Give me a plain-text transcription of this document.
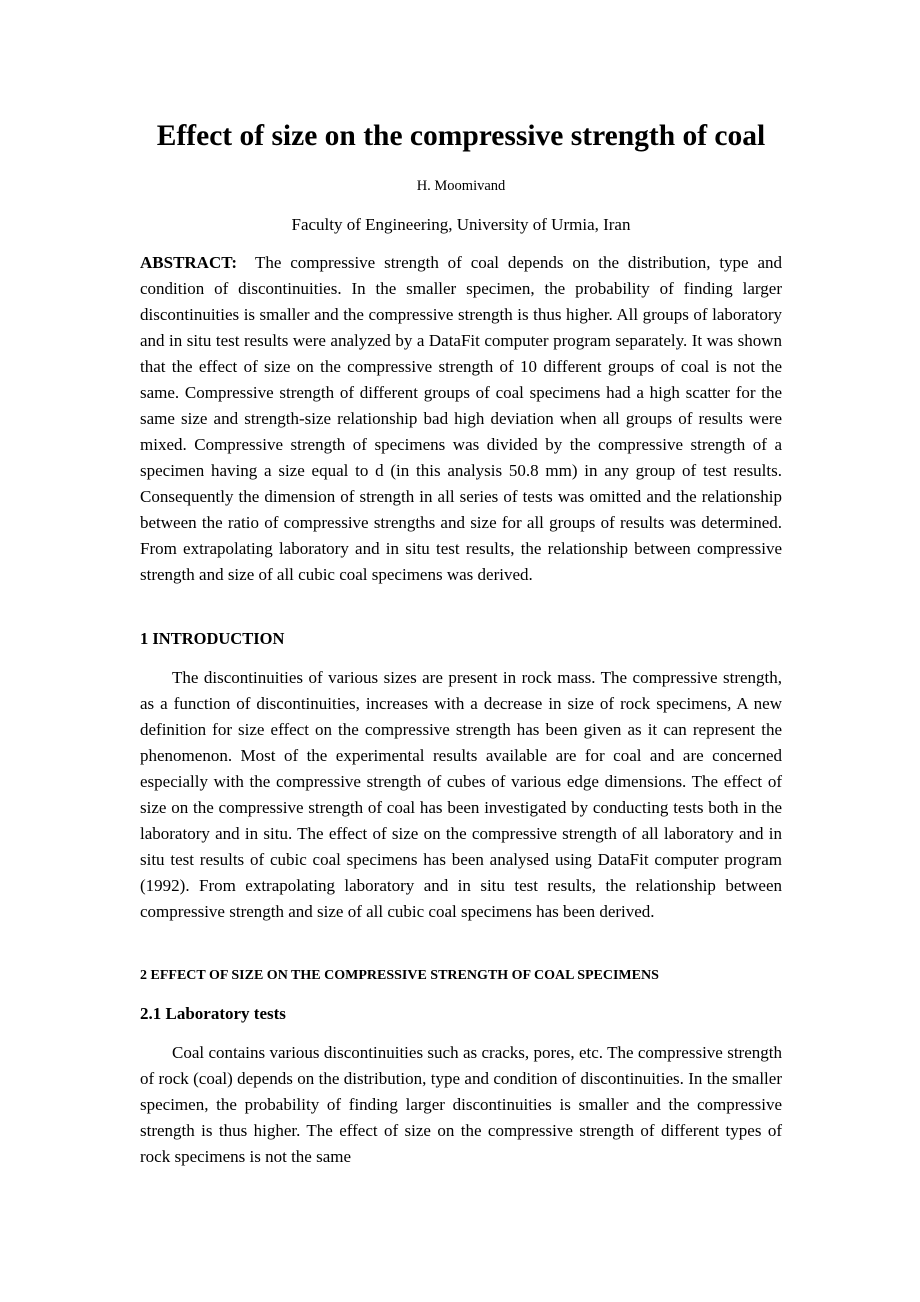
Effect of size on the compressive strength of coal

H. Moomivand

Faculty of Engineering, University of Urmia, Iran

ABSTRACT: The compressive strength of coal depends on the distribution, type and condition of discontinuities. In the smaller specimen, the probability of finding larger discontinuities is smaller and the compressive strength is thus higher. All groups of laboratory and in situ test results were analyzed by a DataFit computer program separately. It was shown that the effect of size on the compressive strength of 10 different groups of coal is not the same. Compressive strength of different groups of coal specimens had a high scatter for the same size and strength-size relationship bad high deviation when all groups of results were mixed. Compressive strength of specimens was divided by the compressive strength of a specimen having a size equal to d (in this analysis 50.8 mm) in any group of test results. Consequently the dimension of strength in all series of tests was omitted and the relationship between the ratio of compressive strengths and size for all groups of results was determined. From extrapolating laboratory and in situ test results, the relationship between compressive strength and size of all cubic coal specimens was derived.

1 INTRODUCTION

The discontinuities of various sizes are present in rock mass. The compressive strength, as a function of discontinuities, increases with a decrease in size of rock specimens, A new definition for size effect on the compressive strength has been given as it can represent the phenomenon. Most of the experimental results available are for coal and are concerned especially with the compressive strength of cubes of various edge dimensions. The effect of size on the compressive strength of coal has been investigated by conducting tests both in the laboratory and in situ. The effect of size on the compressive strength of all laboratory and in situ test results of cubic coal specimens has been analysed using DataFit computer program (1992). From extrapolating laboratory and in situ test results, the relationship between compressive strength and size of all cubic coal specimens has been derived.

2 EFFECT OF SIZE ON THE COMPRESSIVE STRENGTH OF COAL SPECIMENS
2.1 Laboratory tests

Coal contains various discontinuities such as cracks, pores, etc. The compressive strength of rock (coal) depends on the distribution, type and condition of discontinuities. In the smaller specimen, the probability of finding larger discontinuities is smaller and the compressive strength is thus higher. The effect of size on the compressive strength of different types of rock specimens is not the same
